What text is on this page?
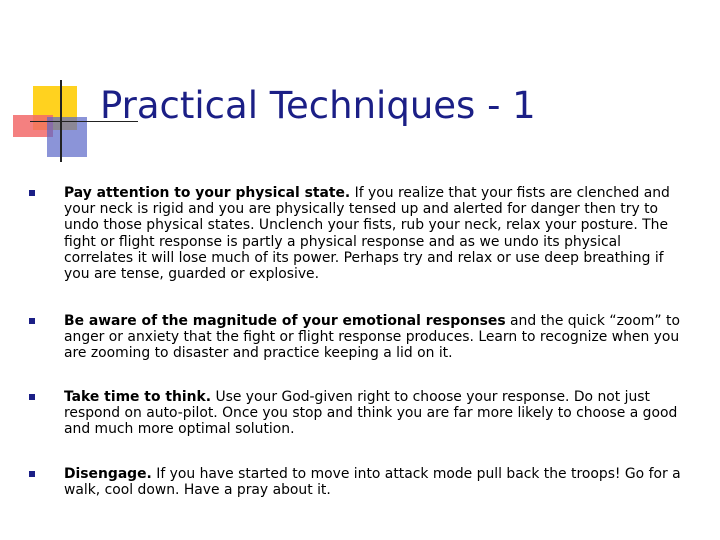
Practical Techniques - 1
Pay attention to your physical state. If you realize that your fists are clenched and your neck is rigid and you are physically tensed up and alerted for danger then try to undo those physical states. Unclench your fists, rub your neck, relax your posture. The fight or flight response is partly a physical response and as we undo its physical correlates it will lose much of its power. Perhaps try and relax or use deep breathing if you are tense, guarded or explosive.
Be aware of the magnitude of your emotional responses and the quick “zoom” to anger or anxiety that the fight or flight response produces. Learn to recognize when you are zooming to disaster and practice keeping a lid on it.
Take time to think. Use your God-given right to choose your response. Do not just respond on auto-pilot. Once you stop and think you are far more likely to choose a good and much more optimal solution.
Disengage. If you have started to move into attack mode pull back the troops! Go for a walk, cool down. Have a pray about it.
